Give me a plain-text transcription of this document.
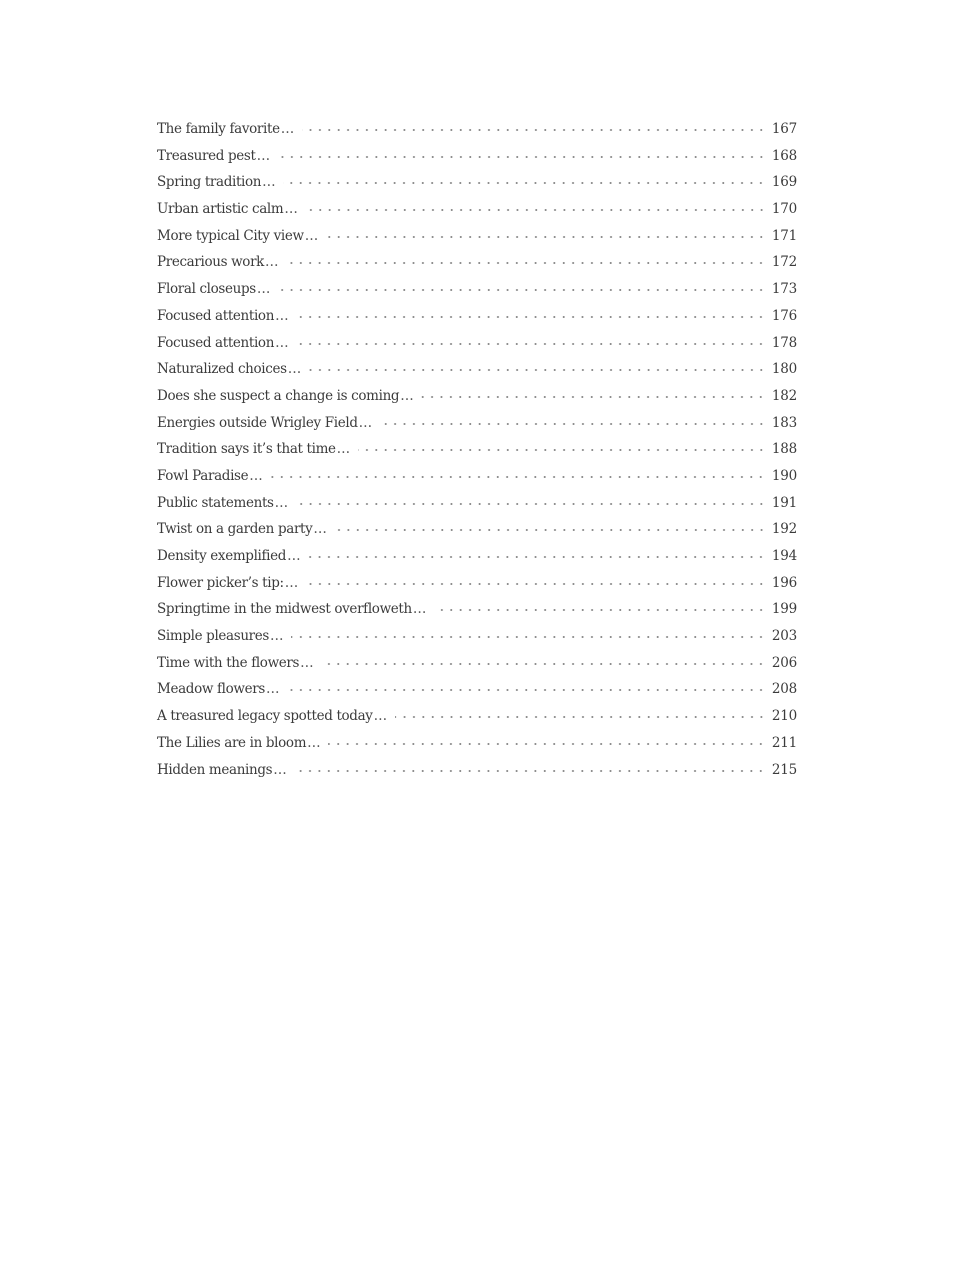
The family favorite …	167
Treasured pest …	168
Spring tradition …	169
Urban artistic calm …	170
More typical City view …	171
Precarious work …	172
Floral closeups …	173
Focused attention …	176
Focused attention …	178
Naturalized choices …	180
Does she suspect a change is coming …	182
Energies outside Wrigley Field …	183
Tradition says it’s that time …	188
Fowl Paradise …	190
Public statements …	191
Twist on a garden party …	192
Density exemplified …	194
Flower picker’s tip: …	196
Springtime in the midwest overfloweth …	199
Simple pleasures …	203
Time with the flowers …	206
Meadow flowers …	208
A treasured legacy spotted today …	210
The Lilies are in bloom …	211
Hidden meanings …	215
